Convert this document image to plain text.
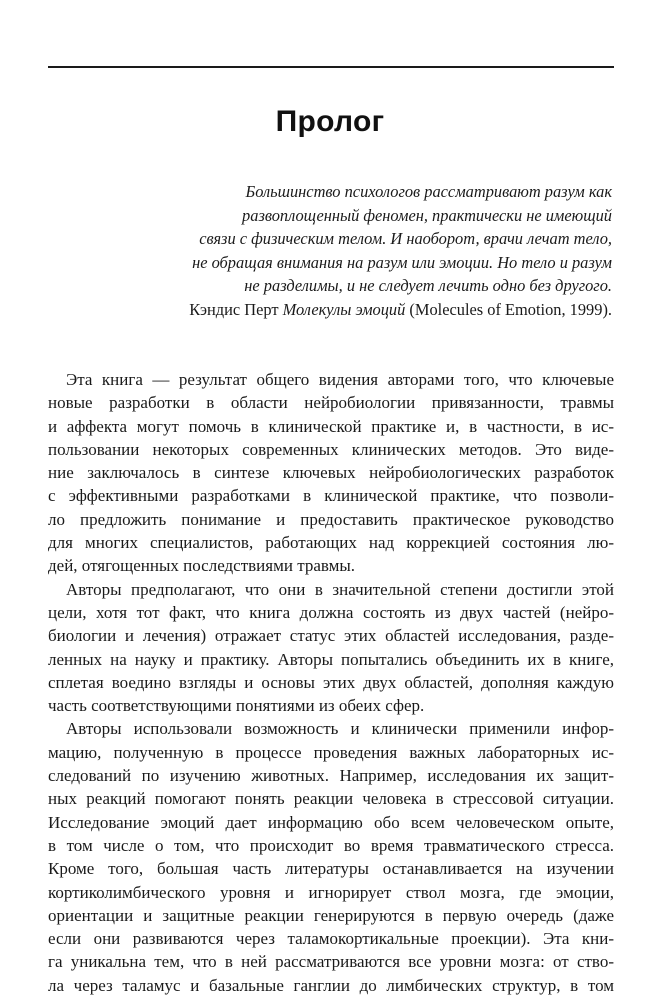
Пролог
Большинство психологов рассматривают разум как
развоплощенный феномен, практически не имеющий
связи с физическим телом. И наоборот, врачи лечат тело,
не обращая внимания на разум или эмоции. Но тело и разум
не разделимы, и не следует лечить одно без другого.
Кэндис Перт Молекулы эмоций (Molecules of Emotion, 1999).
Эта книга — результат общего видения авторами того, что ключевые
новые разработки в области нейробиологии привязанности, травмы
и аффекта могут помочь в клинической практике и, в частности, в ис-
пользовании некоторых современных клинических методов. Это виде-
ние заключалось в синтезе ключевых нейробиологических разработок
с эффективными разработками в клинической практике, что позволи-
ло предложить понимание и предоставить практическое руководство
для многих специалистов, работающих над коррекцией состояния лю-
дей, отягощенных последствиями травмы.
Авторы предполагают, что они в значительной степени достигли этой
цели, хотя тот факт, что книга должна состоять из двух частей (нейро-
биологии и лечения) отражает статус этих областей исследования, разде-
ленных на науку и практику. Авторы попытались объединить их в книге,
сплетая воедино взгляды и основы этих двух областей, дополняя каждую
часть соответствующими понятиями из обеих сфер.
Авторы использовали возможность и клинически применили инфор-
мацию, полученную в процессе проведения важных лабораторных ис-
следований по изучению животных. Например, исследования их защит-
ных реакций помогают понять реакции человека в стрессовой ситуации.
Исследование эмоций дает информацию обо всем человеческом опыте,
в том числе о том, что происходит во время травматического стресса.
Кроме того, большая часть литературы останавливается на изучении
кортиколимбического уровня и игнорирует ствол мозга, где эмоции,
ориентации и защитные реакции генерируются в первую очередь (даже
если они развиваются через таламокортикальные проекции). Эта кни-
га уникальна тем, что в ней рассматриваются все уровни мозга: от ство-
ла через таламус и базальные ганглии до лимбических структур, в том
